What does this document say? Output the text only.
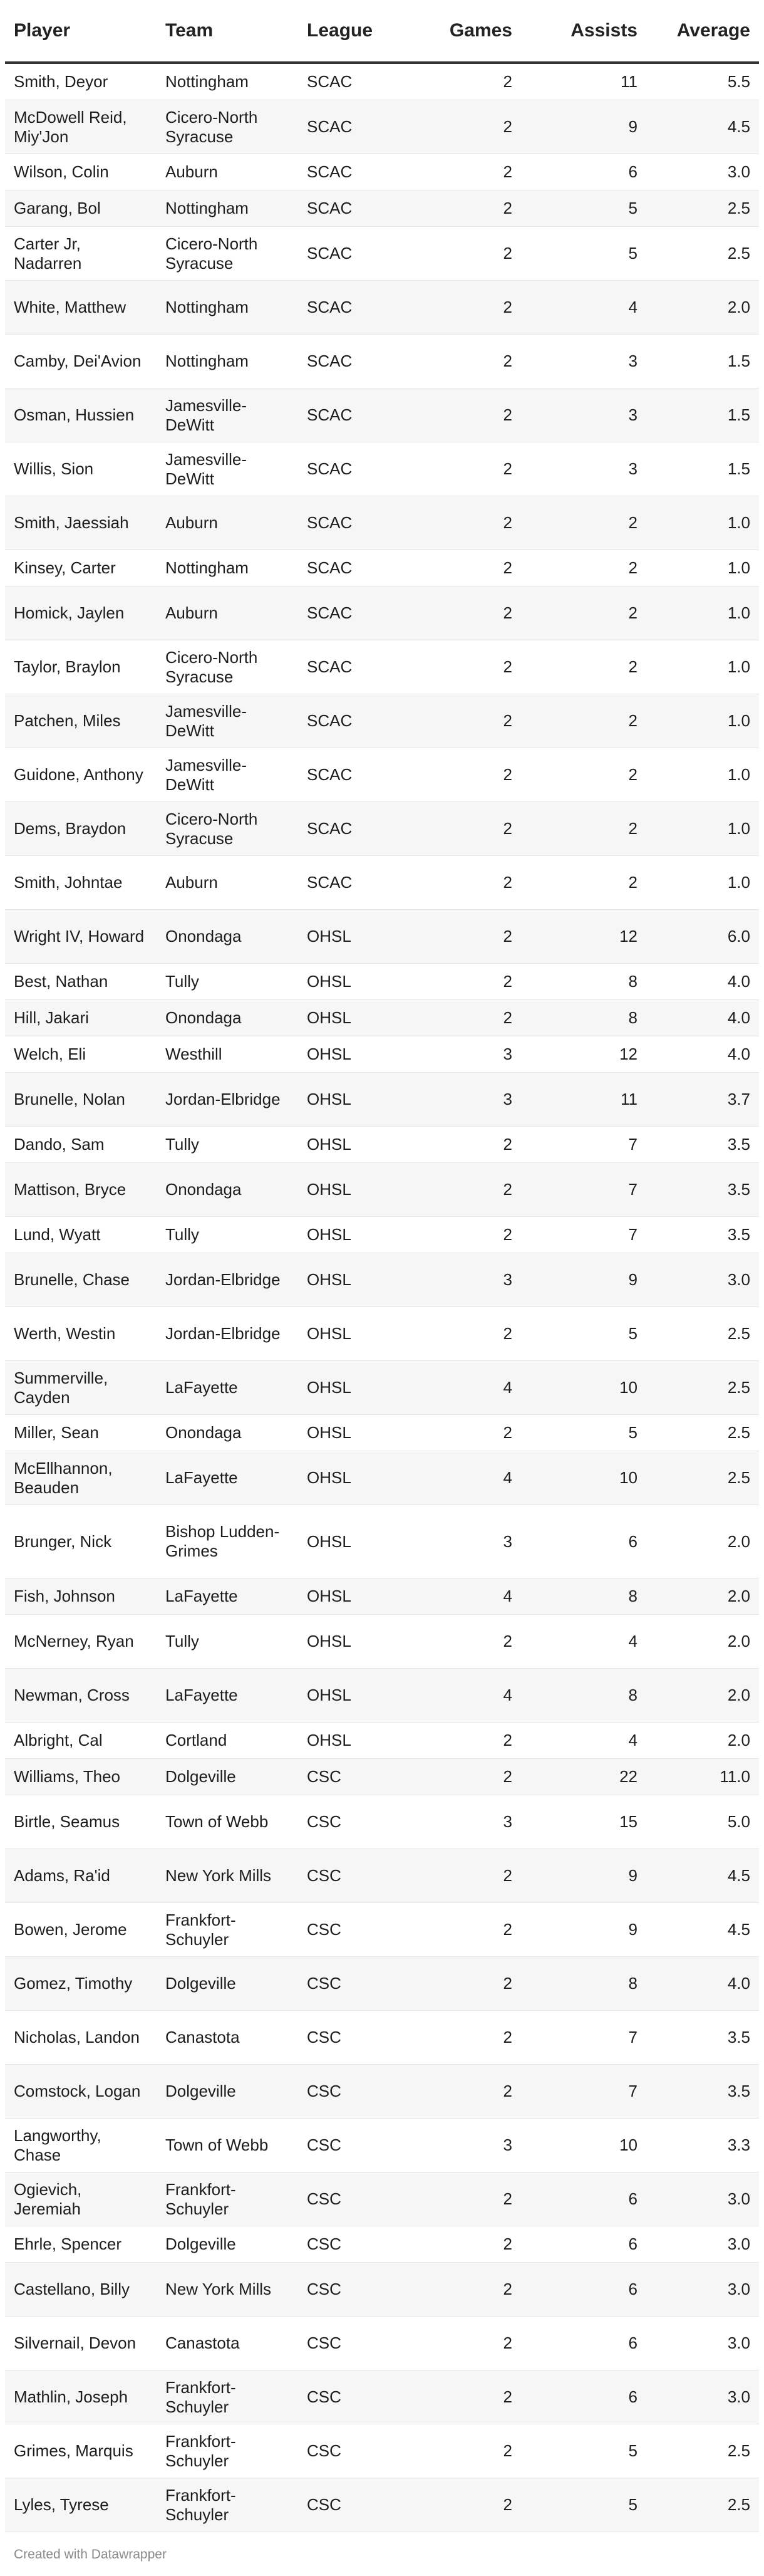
Player	Team	League	Games	Assists	Average
Smith, Deyor	Nottingham	SCAC	2	11	5.5
McDowell Reid, Miy'Jon	Cicero-North Syracuse	SCAC	2	9	4.5
Wilson, Colin	Auburn	SCAC	2	6	3.0
Garang, Bol	Nottingham	SCAC	2	5	2.5
Carter Jr, Nadarren	Cicero-North Syracuse	SCAC	2	5	2.5
White, Matthew	Nottingham	SCAC	2	4	2.0
Camby, Dei'Avion	Nottingham	SCAC	2	3	1.5
Osman, Hussien	Jamesville-DeWitt	SCAC	2	3	1.5
Willis, Sion	Jamesville-DeWitt	SCAC	2	3	1.5
Smith, Jaessiah	Auburn	SCAC	2	2	1.0
Kinsey, Carter	Nottingham	SCAC	2	2	1.0
Homick, Jaylen	Auburn	SCAC	2	2	1.0
Taylor, Braylon	Cicero-North Syracuse	SCAC	2	2	1.0
Patchen, Miles	Jamesville-DeWitt	SCAC	2	2	1.0
Guidone, Anthony	Jamesville-DeWitt	SCAC	2	2	1.0
Dems, Braydon	Cicero-North Syracuse	SCAC	2	2	1.0
Smith, Johntae	Auburn	SCAC	2	2	1.0
Wright IV, Howard	Onondaga	OHSL	2	12	6.0
Best, Nathan	Tully	OHSL	2	8	4.0
Hill, Jakari	Onondaga	OHSL	2	8	4.0
Welch, Eli	Westhill	OHSL	3	12	4.0
Brunelle, Nolan	Jordan-Elbridge	OHSL	3	11	3.7
Dando, Sam	Tully	OHSL	2	7	3.5
Mattison, Bryce	Onondaga	OHSL	2	7	3.5
Lund, Wyatt	Tully	OHSL	2	7	3.5
Brunelle, Chase	Jordan-Elbridge	OHSL	3	9	3.0
Werth, Westin	Jordan-Elbridge	OHSL	2	5	2.5
Summerville, Cayden	LaFayette	OHSL	4	10	2.5
Miller, Sean	Onondaga	OHSL	2	5	2.5
McEllhannon, Beauden	LaFayette	OHSL	4	10	2.5
Brunger, Nick	Bishop Ludden-Grimes	OHSL	3	6	2.0
Fish, Johnson	LaFayette	OHSL	4	8	2.0
McNerney, Ryan	Tully	OHSL	2	4	2.0
Newman, Cross	LaFayette	OHSL	4	8	2.0
Albright, Cal	Cortland	OHSL	2	4	2.0
Williams, Theo	Dolgeville	CSC	2	22	11.0
Birtle, Seamus	Town of Webb	CSC	3	15	5.0
Adams, Ra'id	New York Mills	CSC	2	9	4.5
Bowen, Jerome	Frankfort-Schuyler	CSC	2	9	4.5
Gomez, Timothy	Dolgeville	CSC	2	8	4.0
Nicholas, Landon	Canastota	CSC	2	7	3.5
Comstock, Logan	Dolgeville	CSC	2	7	3.5
Langworthy, Chase	Town of Webb	CSC	3	10	3.3
Ogievich, Jeremiah	Frankfort-Schuyler	CSC	2	6	3.0
Ehrle, Spencer	Dolgeville	CSC	2	6	3.0
Castellano, Billy	New York Mills	CSC	2	6	3.0
Silvernail, Devon	Canastota	CSC	2	6	3.0
Mathlin, Joseph	Frankfort-Schuyler	CSC	2	6	3.0
Grimes, Marquis	Frankfort-Schuyler	CSC	2	5	2.5
Lyles, Tyrese	Frankfort-Schuyler	CSC	2	5	2.5
Created with Datawrapper
